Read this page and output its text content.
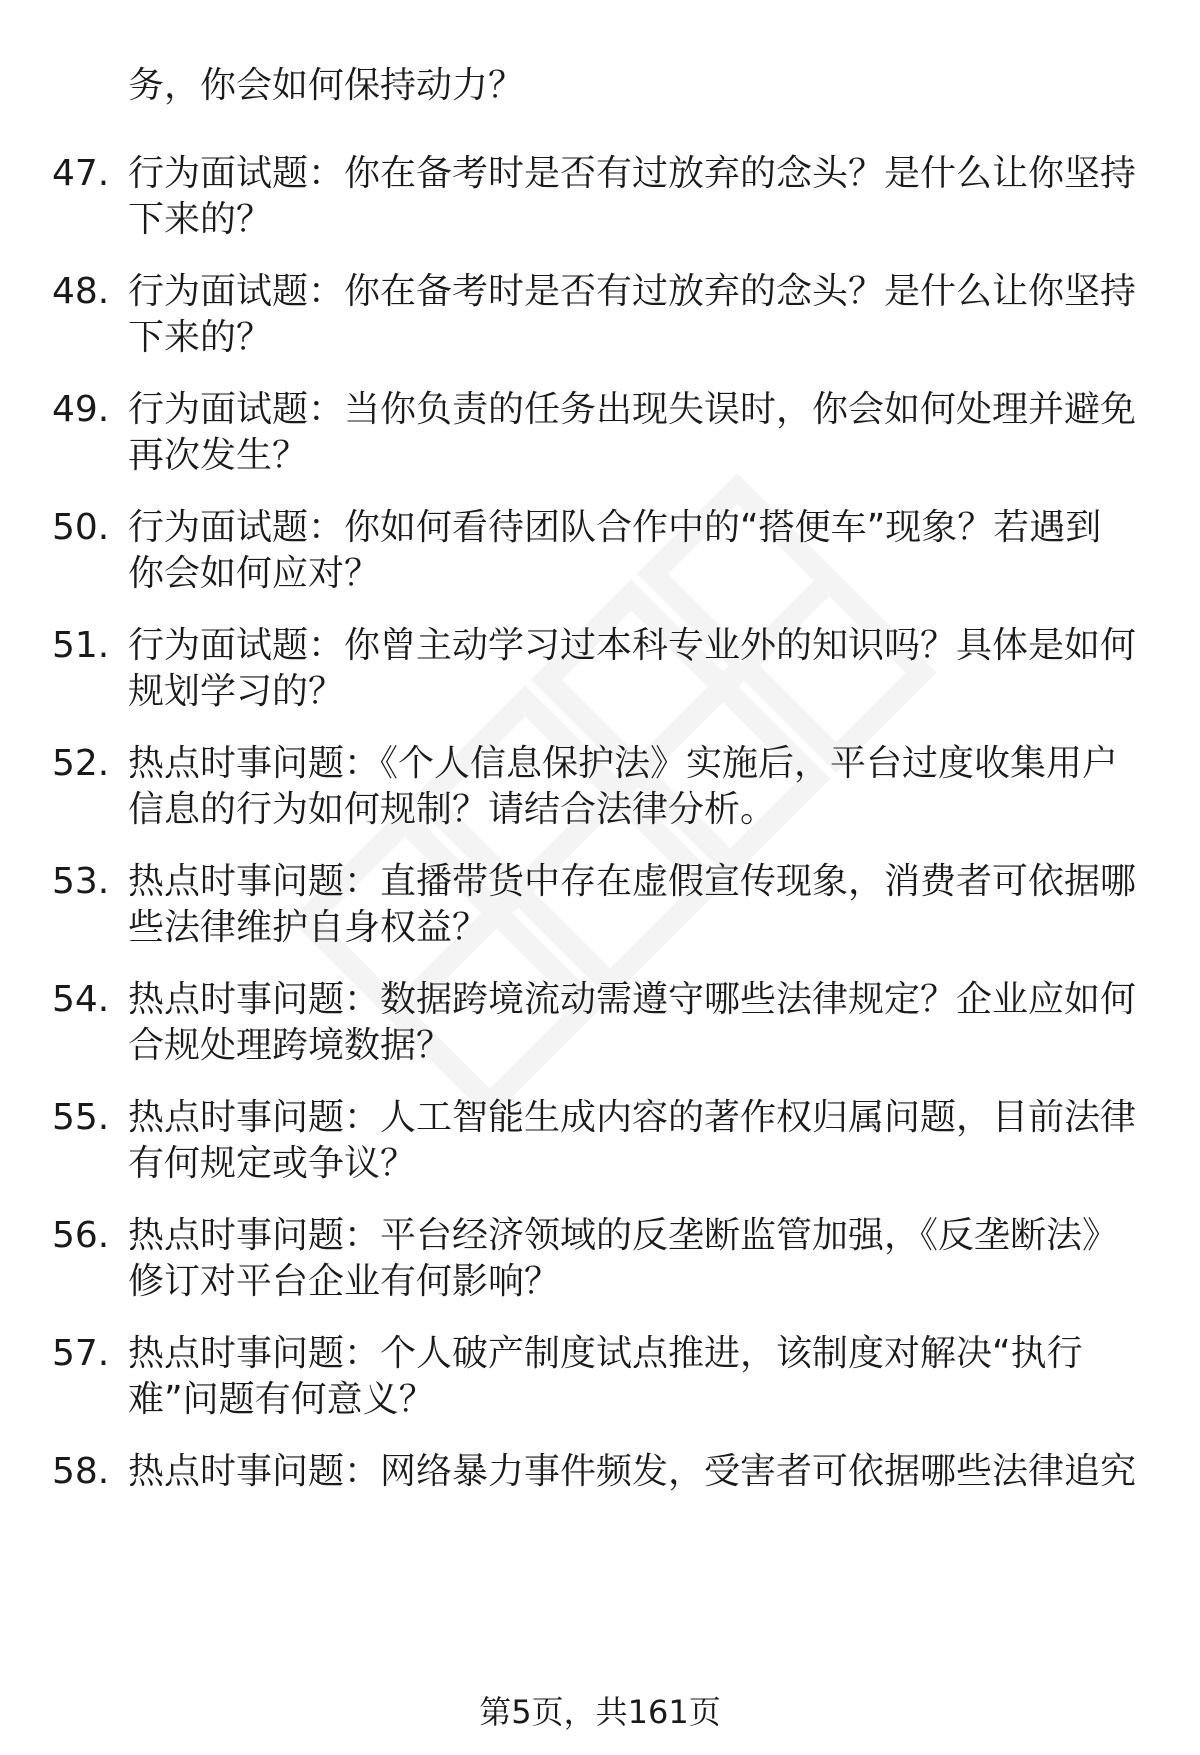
务，你会如何保持动力？
47. 行为面试题：你在备考时是否有过放弃的念头？是什么让你坚持
下来的？
48. 行为面试题：你在备考时是否有过放弃的念头？是什么让你坚持
下来的？
49. 行为面试题：当你负责的任务出现失误时，你会如何处理并避免
再次发生？
50. 行为面试题：你如何看待团队合作中的“搭便车”现象？若遇到
你会如何应对？
51. 行为面试题：你曾主动学习过本科专业外的知识吗？具体是如何
规划学习的？
52. 热点时事问题：《个人信息保护法》实施后，平台过度收集用户
信息的行为如何规制？请结合法律分析。
53. 热点时事问题：直播带货中存在虚假宣传现象，消费者可依据哪
些法律维护自身权益？
54. 热点时事问题：数据跨境流动需遵守哪些法律规定？企业应如何
合规处理跨境数据？
55. 热点时事问题：人工智能生成内容的著作权归属问题，目前法律
有何规定或争议？
56. 热点时事问题：平台经济领域的反垄断监管加强，《反垄断法》
修订对平台企业有何影响？
57. 热点时事问题：个人破产制度试点推进，该制度对解决“执行
难”问题有何意义？
58. 热点时事问题：网络暴力事件频发，受害者可依据哪些法律追究
第5页，共161页
